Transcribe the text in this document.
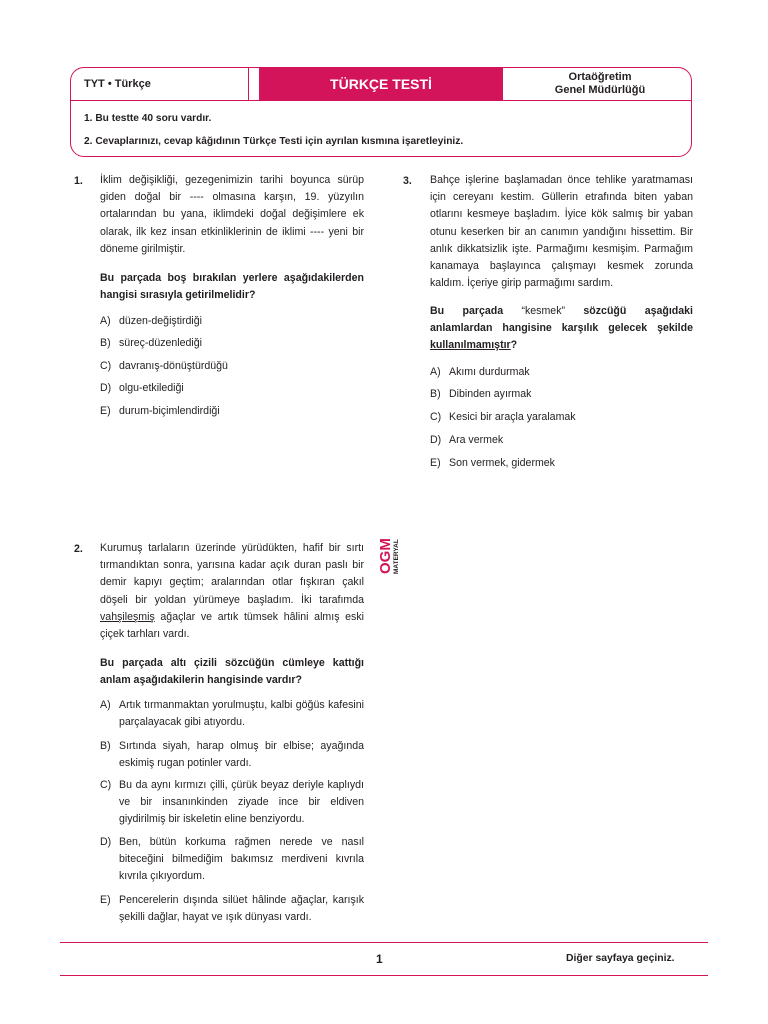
TYT • Türkçe	TÜRKÇE TESTİ	Ortaöğretim
Genel Müdürlüğü
1. Bu testte 40 soru vardır.
2. Cevaplarınızı, cevap kâğıdının Türkçe Testi için ayrılan kısmına işaretleyiniz.
1. İklim değişikliği, gezegenimizin tarihi boyunca sürüp giden doğal bir ---- olmasına karşın, 19. yüzyılın ortalarından bu yana, iklimdeki doğal değişimlere ek olarak, ilk kez insan etkinliklerinin de iklimi ---- yeni bir döneme girilmiştir.
Bu parçada boş bırakılan yerlere aşağıdakilerden hangisi sırasıyla getirilmelidir?
A) düzen-değiştirdiği
B) süreç-düzenlediği
C) davranış-dönüştürdüğü
D) olgu-etkilediği
E) durum-biçimlendirdiği
2. Kurumuş tarlaların üzerinde yürüdükten, hafif bir sırtı tırmandıktan sonra, yarısına kadar açık duran paslı bir demir kapıyı geçtim; aralarından otlar fışkıran çakıl döşeli bir yoldan yürümeye başladım. İki tarafımda vahşileşmiş ağaçlar ve artık tümsek hâlini almış eski çiçek tarhları vardı.
Bu parçada altı çizili sözcüğün cümleye kattığı anlam aşağıdakilerin hangisinde vardır?
A) Artık tırmanmaktan yorulmuştu, kalbi göğüs kafesini parçalayacak gibi atıyordu.
B) Sırtında siyah, harap olmuş bir elbise; ayağında eskimiş rugan potinler vardı.
C) Bu da aynı kırmızı çilli, çürük beyaz deriyle kaplıydı ve bir insanınkinden ziyade ince bir eldiven giydirilmiş bir iskeletin eline benziyordu.
D) Ben, bütün korkuma rağmen nerede ve nasıl biteceğini bilmediğim bakımsız merdiveni kıvrıla kıvrıla çıkıyordum.
E) Pencerelerin dışında silüet hâlinde ağaçlar, karışık şekilli dağlar, hayat ve ışık dünyası vardı.
OGM MATERYAL
3. Bahçe işlerine başlamadan önce tehlike yaratmaması için cereyanı kestim. Güllerin etrafında biten yaban otlarını kesmeye başladım. İyice kök salmış bir yaban otunu keserken bir an canımın yandığını hissettim. Bir anlık dikkatsizlik işte. Parmağımı kesmişim. Parmağım kanamaya başlayınca çalışmayı kesmek zorunda kaldım. İçeriye girip parmağımı sardım.
Bu parçada “kesmek” sözcüğü aşağıdaki anlamlardan hangisine karşılık gelecek şekilde kullanılmamıştır?
A) Akımı durdurmak
B) Dibinden ayırmak
C) Kesici bir araçla yaralamak
D) Ara vermek
E) Son vermek, gidermek
1	Diğer sayfaya geçiniz.
